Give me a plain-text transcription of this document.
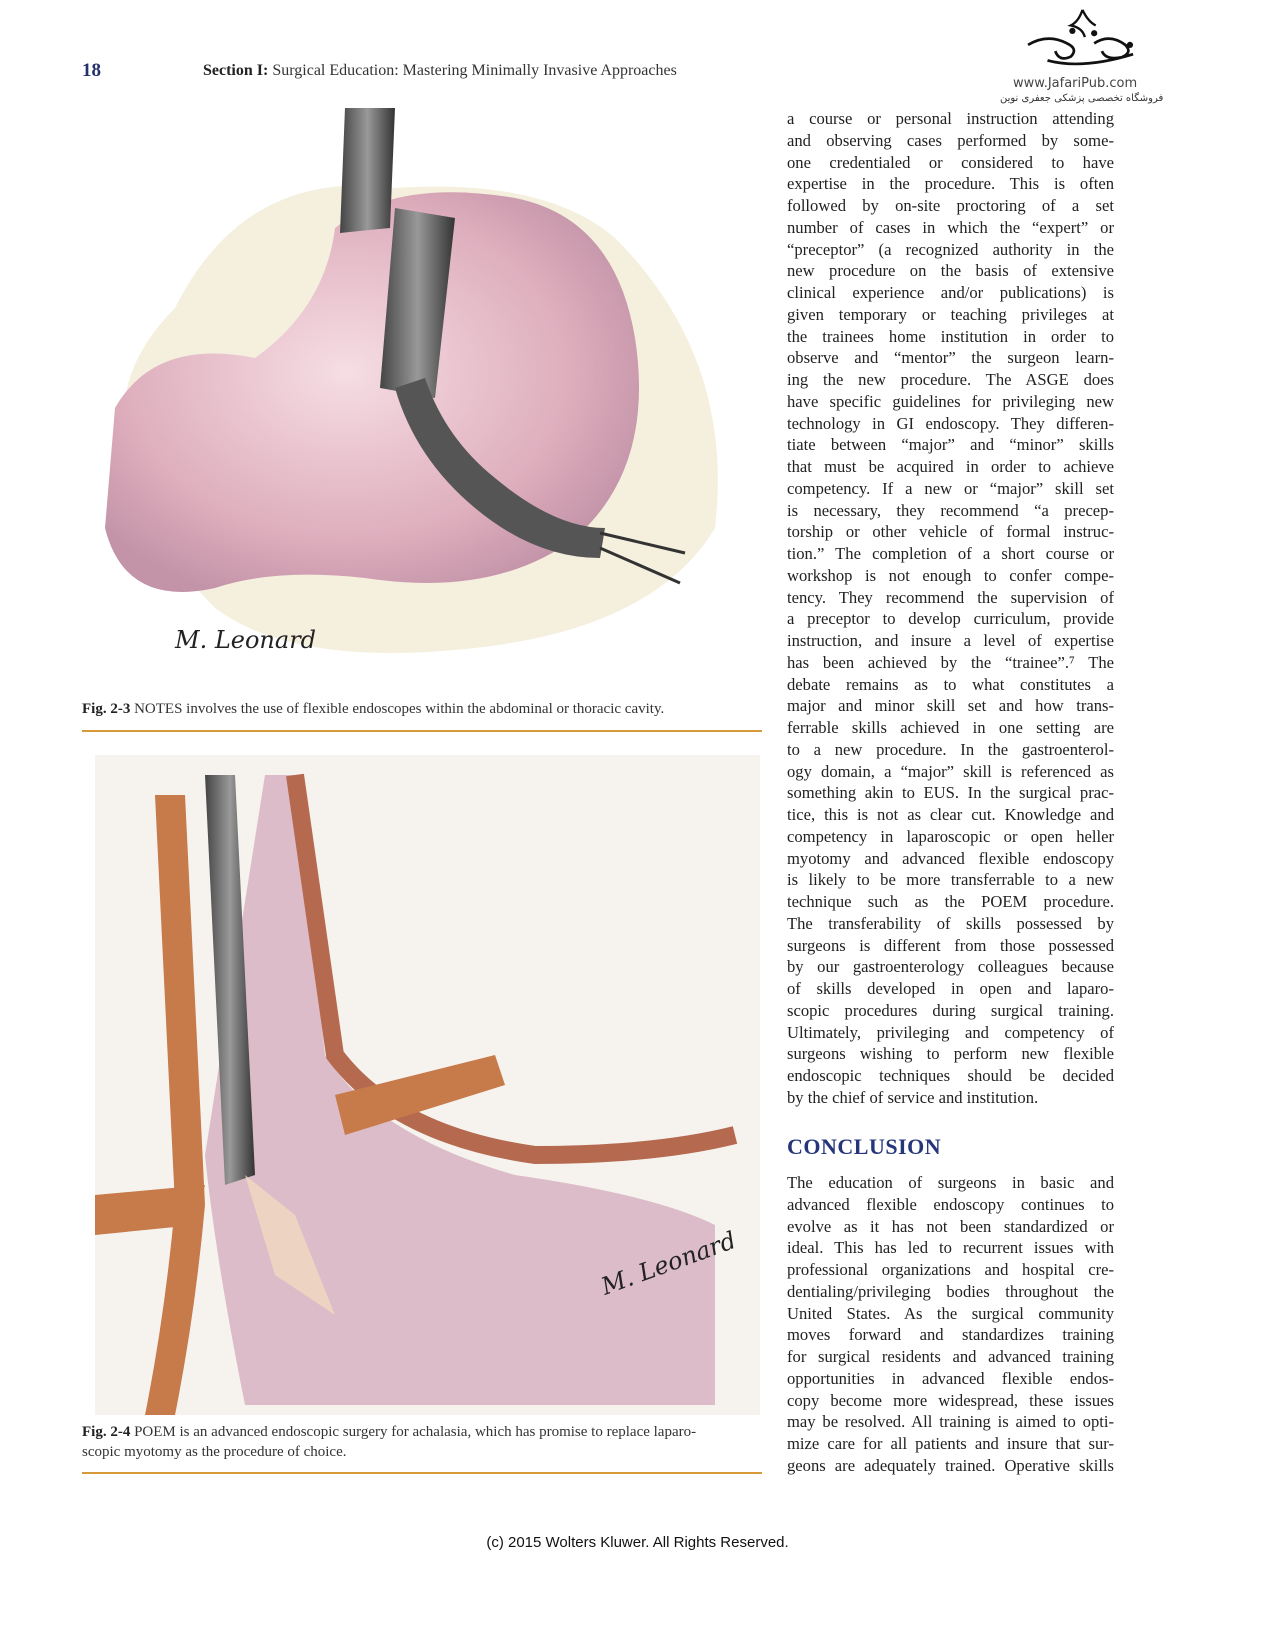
18	Section I: Surgical Education: Mastering Minimally Invasive Approaches
www.JafariPub.com
فروشگاه تخصصی پزشکی جعفری نوین
M. Leonard
Fig. 2-3 NOTES involves the use of flexible endoscopes within the abdominal or thoracic cavity.
M. Leonard
Fig. 2-4 POEM is an advanced endoscopic surgery for achalasia, which has promise to replace laparo-
scopic myotomy as the procedure of choice.
a course or personal instruction attending
and observing cases performed by some-
one credentialed or considered to have
expertise in the procedure. This is often
followed by on-site proctoring of a set
number of cases in which the “expert” or
“preceptor” (a recognized authority in the
new procedure on the basis of extensive
clinical experience and/or publications) is
given temporary or teaching privileges at
the trainees home institution in order to
observe and “mentor” the surgeon learn-
ing the new procedure. The ASGE does
have specific guidelines for privileging new
technology in GI endoscopy. They differen-
tiate between “major” and “minor” skills
that must be acquired in order to achieve
competency. If a new or “major” skill set
is necessary, they recommend “a precep-
torship or other vehicle of formal instruc-
tion.” The completion of a short course or
workshop is not enough to confer compe-
tency. They recommend the supervision of
a preceptor to develop curriculum, provide
instruction, and insure a level of expertise
has been achieved by the “trainee”.⁷ The
debate remains as to what constitutes a
major and minor skill set and how trans-
ferrable skills achieved in one setting are
to a new procedure. In the gastroenterol-
ogy domain, a “major” skill is referenced as
something akin to EUS. In the surgical prac-
tice, this is not as clear cut. Knowledge and
competency in laparoscopic or open heller
myotomy and advanced flexible endoscopy
is likely to be more transferrable to a new
technique such as the POEM procedure.
The transferability of skills possessed by
surgeons is different from those possessed
by our gastroenterology colleagues because
of skills developed in open and laparo-
scopic procedures during surgical training.
Ultimately, privileging and competency of
surgeons wishing to perform new flexible
endoscopic techniques should be decided
by the chief of service and institution.
CONCLUSION
The education of surgeons in basic and
advanced flexible endoscopy continues to
evolve as it has not been standardized or
ideal. This has led to recurrent issues with
professional organizations and hospital cre-
dentialing/privileging bodies throughout the
United States. As the surgical community
moves forward and standardizes training
for surgical residents and advanced training
opportunities in advanced flexible endos-
copy become more widespread, these issues
may be resolved. All training is aimed to opti-
mize care for all patients and insure that sur-
geons are adequately trained. Operative skills
(c) 2015 Wolters Kluwer. All Rights Reserved.
